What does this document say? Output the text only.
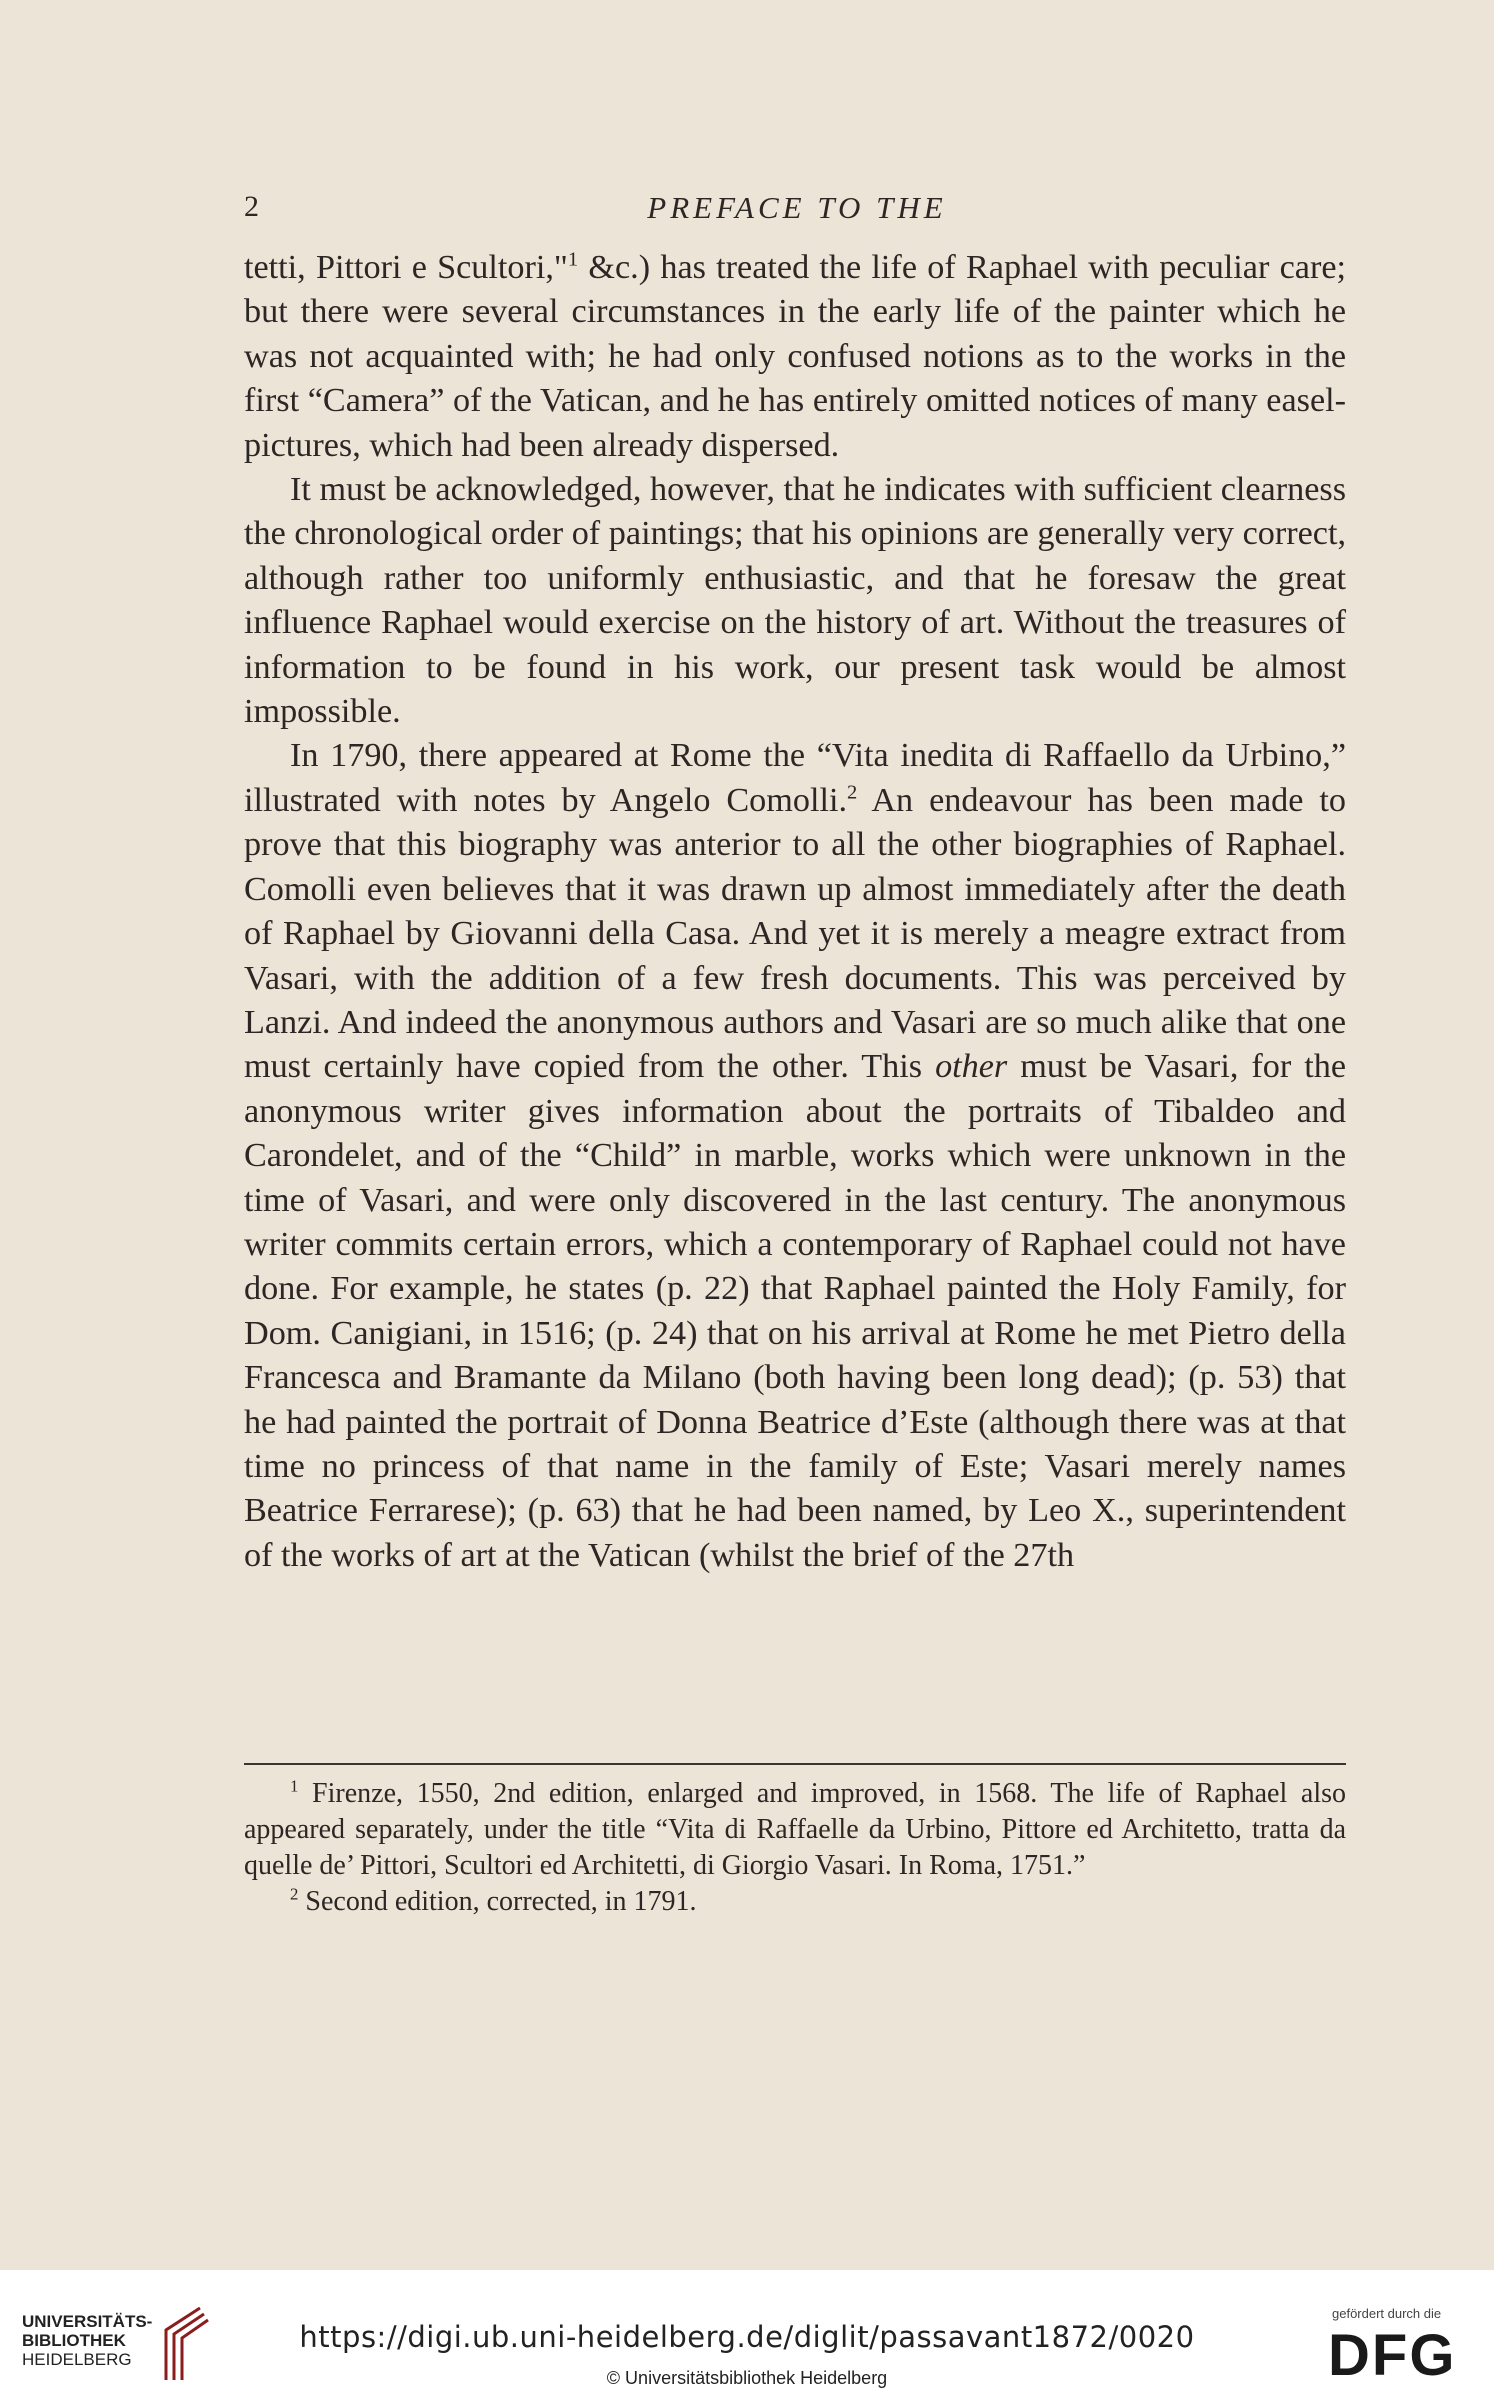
2	PREFACE TO THE

tetti, Pittori e Scultori,"$^1$ &c.) has treated the life of Raphael with peculiar care; but there were several circumstances in the early life of the painter which he was not acquainted with; he had only confused notions as to the works in the first “Camera” of the Vatican, and he has entirely omitted notices of many easel-pictures, which had been already dispersed.

It must be acknowledged, however, that he indicates with sufficient clearness the chronological order of paintings; that his opinions are generally very correct, although rather too uniformly enthusiastic, and that he foresaw the great influence Raphael would exercise on the history of art. Without the treasures of information to be found in his work, our present task would be almost impossible.

In 1790, there appeared at Rome the “Vita inedita di Raffaello da Urbino,” illustrated with notes by Angelo Comolli.$^2$ An endeavour has been made to prove that this biography was anterior to all the other biographies of Raphael. Comolli even believes that it was drawn up almost immediately after the death of Raphael by Giovanni della Casa. And yet it is merely a meagre extract from Vasari, with the addition of a few fresh documents. This was perceived by Lanzi. And indeed the anonymous authors and Vasari are so much alike that one must certainly have copied from the other. This other must be Vasari, for the anonymous writer gives information about the portraits of Tibaldeo and Carondelet, and of the “Child” in marble, works which were unknown in the time of Vasari, and were only discovered in the last century. The anonymous writer commits certain errors, which a contemporary of Raphael could not have done. For example, he states (p. 22) that Raphael painted the Holy Family, for Dom. Canigiani, in 1516; (p. 24) that on his arrival at Rome he met Pietro della Francesca and Bramante da Milano (both having been long dead); (p. 53) that he had painted the portrait of Donna Beatrice d’Este (although there was at that time no princess of that name in the family of Este; Vasari merely names Beatrice Ferrarese); (p. 63) that he had been named, by Leo X., superintendent of the works of art at the Vatican (whilst the brief of the 27th

$^1$ Firenze, 1550, 2nd edition, enlarged and improved, in 1568. The life of Raphael also appeared separately, under the title “Vita di Raffaelle da Urbino, Pittore ed Architetto, tratta da quelle de’ Pittori, Scultori ed Architetti, di Giorgio Vasari. In Roma, 1751.”

$^2$ Second edition, corrected, in 1791.

UNIVERSITÄTS-
BIBLIOTHEK
HEIDELBERG
https://digi.ub.uni-heidelberg.de/diglit/passavant1872/0020
© Universitätsbibliothek Heidelberg
gefördert durch die
DFG
